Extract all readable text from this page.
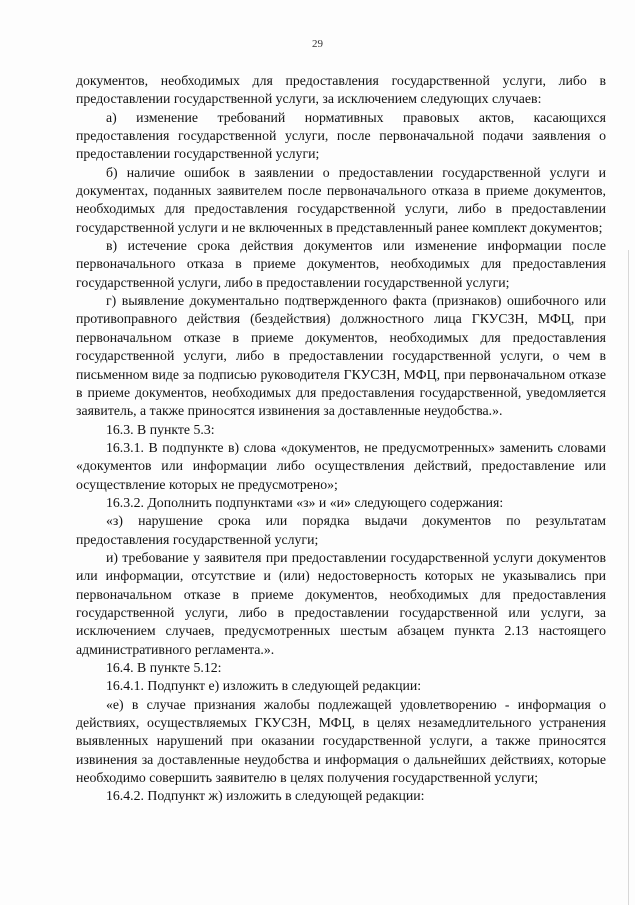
29

документов, необходимых для предоставления государственной услуги, либо в предоставлении государственной услуги, за исключением следующих случаев:

а) изменение требований нормативных правовых актов, касающихся предоставления государственной услуги, после первоначальной подачи заявления о предоставлении государственной услуги;

б) наличие ошибок в заявлении о предоставлении государственной услуги и документах, поданных заявителем после первоначального отказа в приеме документов, необходимых для предоставления государственной услуги, либо в предоставлении государственной услуги и не включенных в представленный ранее комплект документов;

в) истечение срока действия документов или изменение информации после первоначального отказа в приеме документов, необходимых для предоставления государственной услуги, либо в предоставлении государственной услуги;

г) выявление документально подтвержденного факта (признаков) ошибочного или противоправного действия (бездействия) должностного лица ГКУСЗН, МФЦ, при первоначальном отказе в приеме документов, необходимых для предоставления государственной услуги, либо в предоставлении государственной услуги, о чем в письменном виде за подписью руководителя ГКУСЗН, МФЦ, при первоначальном отказе в приеме документов, необходимых для предоставления государственной, уведомляется заявитель, а также приносятся извинения за доставленные неудобства.».

16.3. В пункте 5.3:

16.3.1. В подпункте в) слова «документов, не предусмотренных» заменить словами «документов или информации либо осуществления действий, предоставление или осуществление которых не предусмотрено»;

16.3.2. Дополнить подпунктами «з» и «и» следующего содержания:

«з) нарушение срока или порядка выдачи документов по результатам предоставления государственной услуги;

и) требование у заявителя при предоставлении государственной услуги документов или информации, отсутствие и (или) недостоверность которых не указывались при первоначальном отказе в приеме документов, необходимых для предоставления государственной услуги, либо в предоставлении государственной или услуги, за исключением случаев, предусмотренных шестым абзацем пункта 2.13 настоящего административного регламента.».

16.4. В пункте 5.12:

16.4.1. Подпункт е) изложить в следующей редакции:

«е) в случае признания жалобы подлежащей удовлетворению - информация о действиях, осуществляемых ГКУСЗН, МФЦ, в целях незамедлительного устранения выявленных нарушений при оказании государственной услуги, а также приносятся извинения за доставленные неудобства и информация о дальнейших действиях, которые необходимо совершить заявителю в целях получения государственной услуги;

16.4.2. Подпункт ж) изложить в следующей редакции:
